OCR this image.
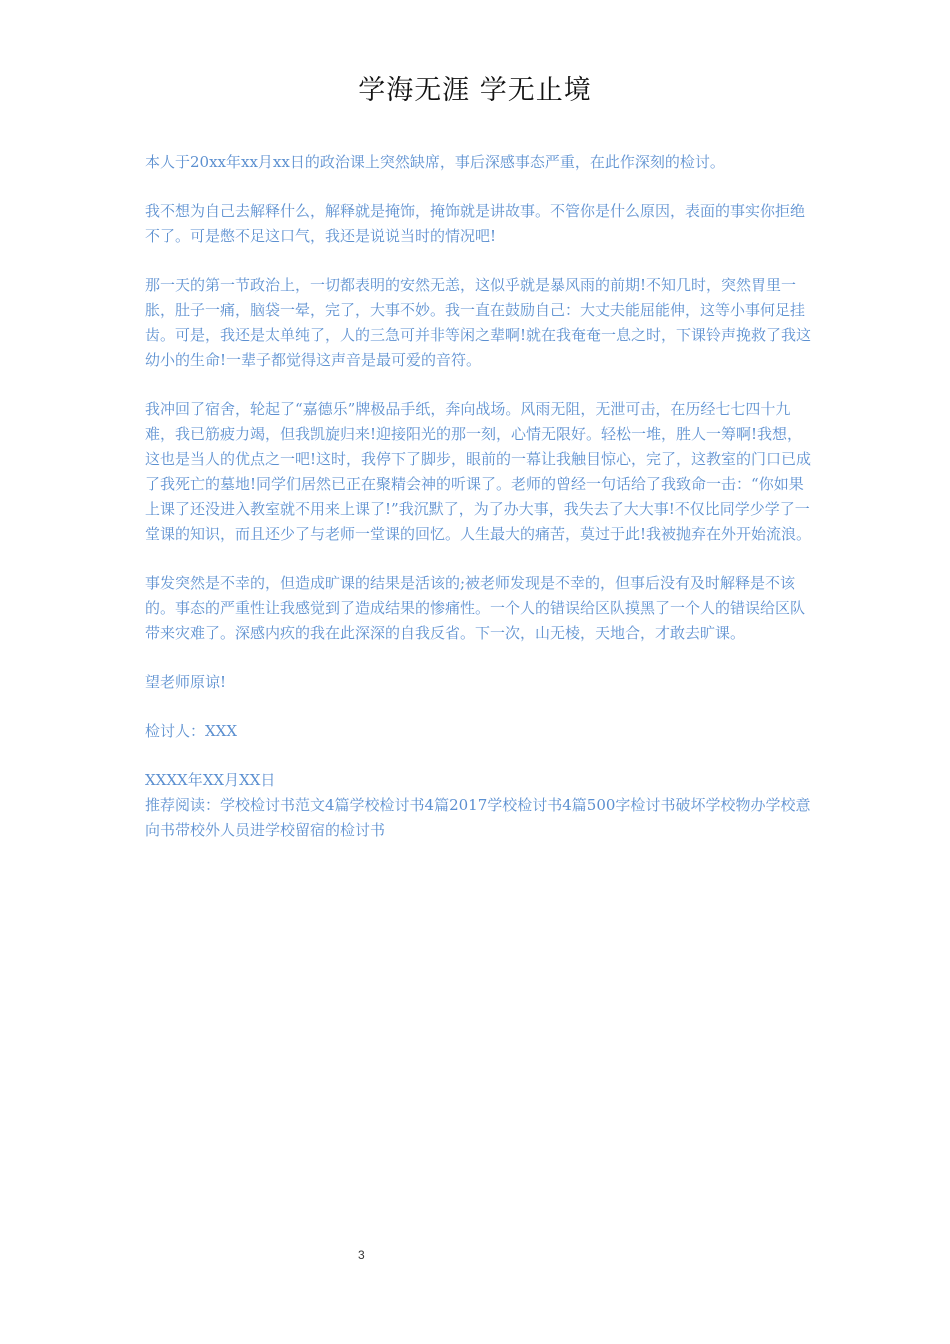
学海无涯 学无止境

本人于20xx年xx月xx日的政治课上突然缺席，事后深感事态严重，在此作深刻的检讨。

我不想为自己去解释什么，解释就是掩饰，掩饰就是讲故事。不管你是什么原因，表面的事实你拒绝不了。可是憋不足这口气，我还是说说当时的情况吧!

那一天的第一节政治上，一切都表明的安然无恙，这似乎就是暴风雨的前期!不知几时，突然胃里一胀，肚子一痛，脑袋一晕，完了，大事不妙。我一直在鼓励自己：大丈夫能屈能伸，这等小事何足挂齿。可是，我还是太单纯了，人的三急可并非等闲之辈啊!就在我奄奄一息之时，下课铃声挽救了我这幼小的生命!一辈子都觉得这声音是最可爱的音符。

我冲回了宿舍，轮起了“嘉德乐”牌极品手纸，奔向战场。风雨无阻，无泄可击，在历经七七四十九难，我已筋疲力竭，但我凯旋归来!迎接阳光的那一刻，心情无限好。轻松一堆，胜人一筹啊!我想，这也是当人的优点之一吧!这时，我停下了脚步，眼前的一幕让我触目惊心，完了，这教室的门口已成了我死亡的墓地!同学们居然已正在聚精会神的听课了。老师的曾经一句话给了我致命一击：“你如果上课了还没进入教室就不用来上课了!”我沉默了，为了办大事，我失去了大大事!不仅比同学少学了一堂课的知识，而且还少了与老师一堂课的回忆。人生最大的痛苦，莫过于此!我被抛弃在外开始流浪。

事发突然是不幸的，但造成旷课的结果是活该的;被老师发现是不幸的，但事后没有及时解释是不该的。事态的严重性让我感觉到了造成结果的惨痛性。一个人的错误给区队摸黑了一个人的错误给区队带来灾难了。深感内疚的我在此深深的自我反省。下一次，山无棱，天地合，才敢去旷课。

望老师原谅!

检讨人：XXX

XXXX年XX月XX日

推荐阅读：学校检讨书范文4篇学校检讨书4篇2017学校检讨书4篇500字检讨书破坏学校物办学校意向书带校外人员进学校留宿的检讨书

3
